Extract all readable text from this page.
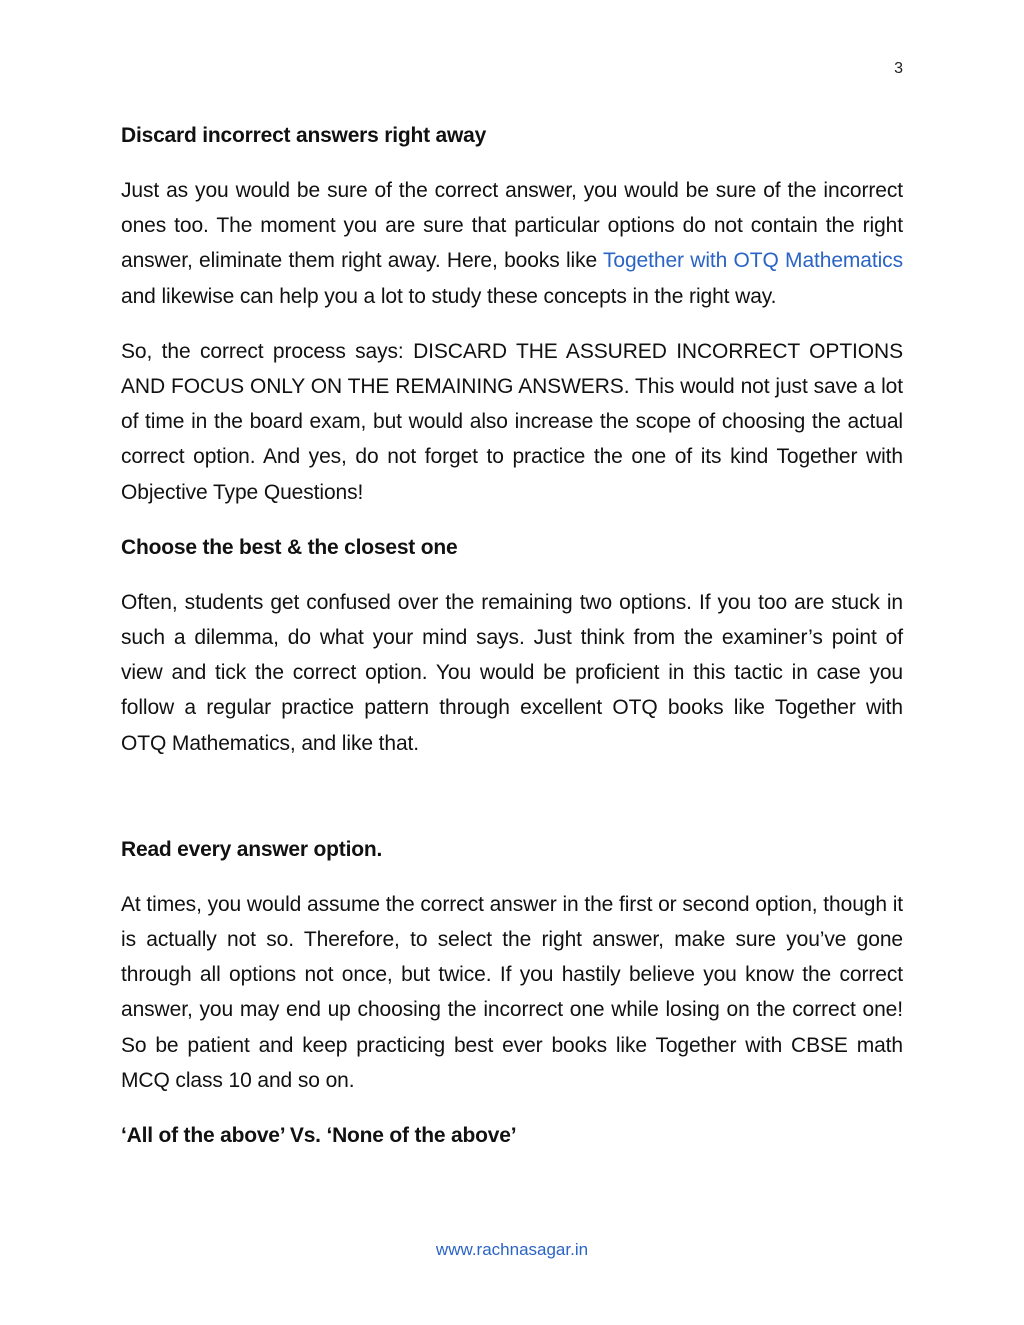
3
Discard incorrect answers right away

Just as you would be sure of the correct answer, you would be sure of the incorrect ones too. The moment you are sure that particular options do not contain the right answer, eliminate them right away. Here, books like Together with OTQ Mathematics and likewise can help you a lot to study these concepts in the right way.

So, the correct process says: DISCARD THE ASSURED INCORRECT OPTIONS AND FOCUS ONLY ON THE REMAINING ANSWERS. This would not just save a lot of time in the board exam, but would also increase the scope of choosing the actual correct option. And yes, do not forget to practice the one of its kind Together with Objective Type Questions!

Choose the best & the closest one

Often, students get confused over the remaining two options. If you too are stuck in such a dilemma, do what your mind says. Just think from the examiner’s point of view and tick the correct option. You would be proficient in this tactic in case you follow a regular practice pattern through excellent OTQ books like Together with OTQ Mathematics, and like that.

Read every answer option.

At times, you would assume the correct answer in the first or second option, though it is actually not so. Therefore, to select the right answer, make sure you’ve gone through all options not once, but twice. If you hastily believe you know the correct answer, you may end up choosing the incorrect one while losing on the correct one! So be patient and keep practicing best ever books like Together with CBSE math MCQ class 10 and so on.

‘All of the above’ Vs. ‘None of the above’
www.rachnasagar.in
